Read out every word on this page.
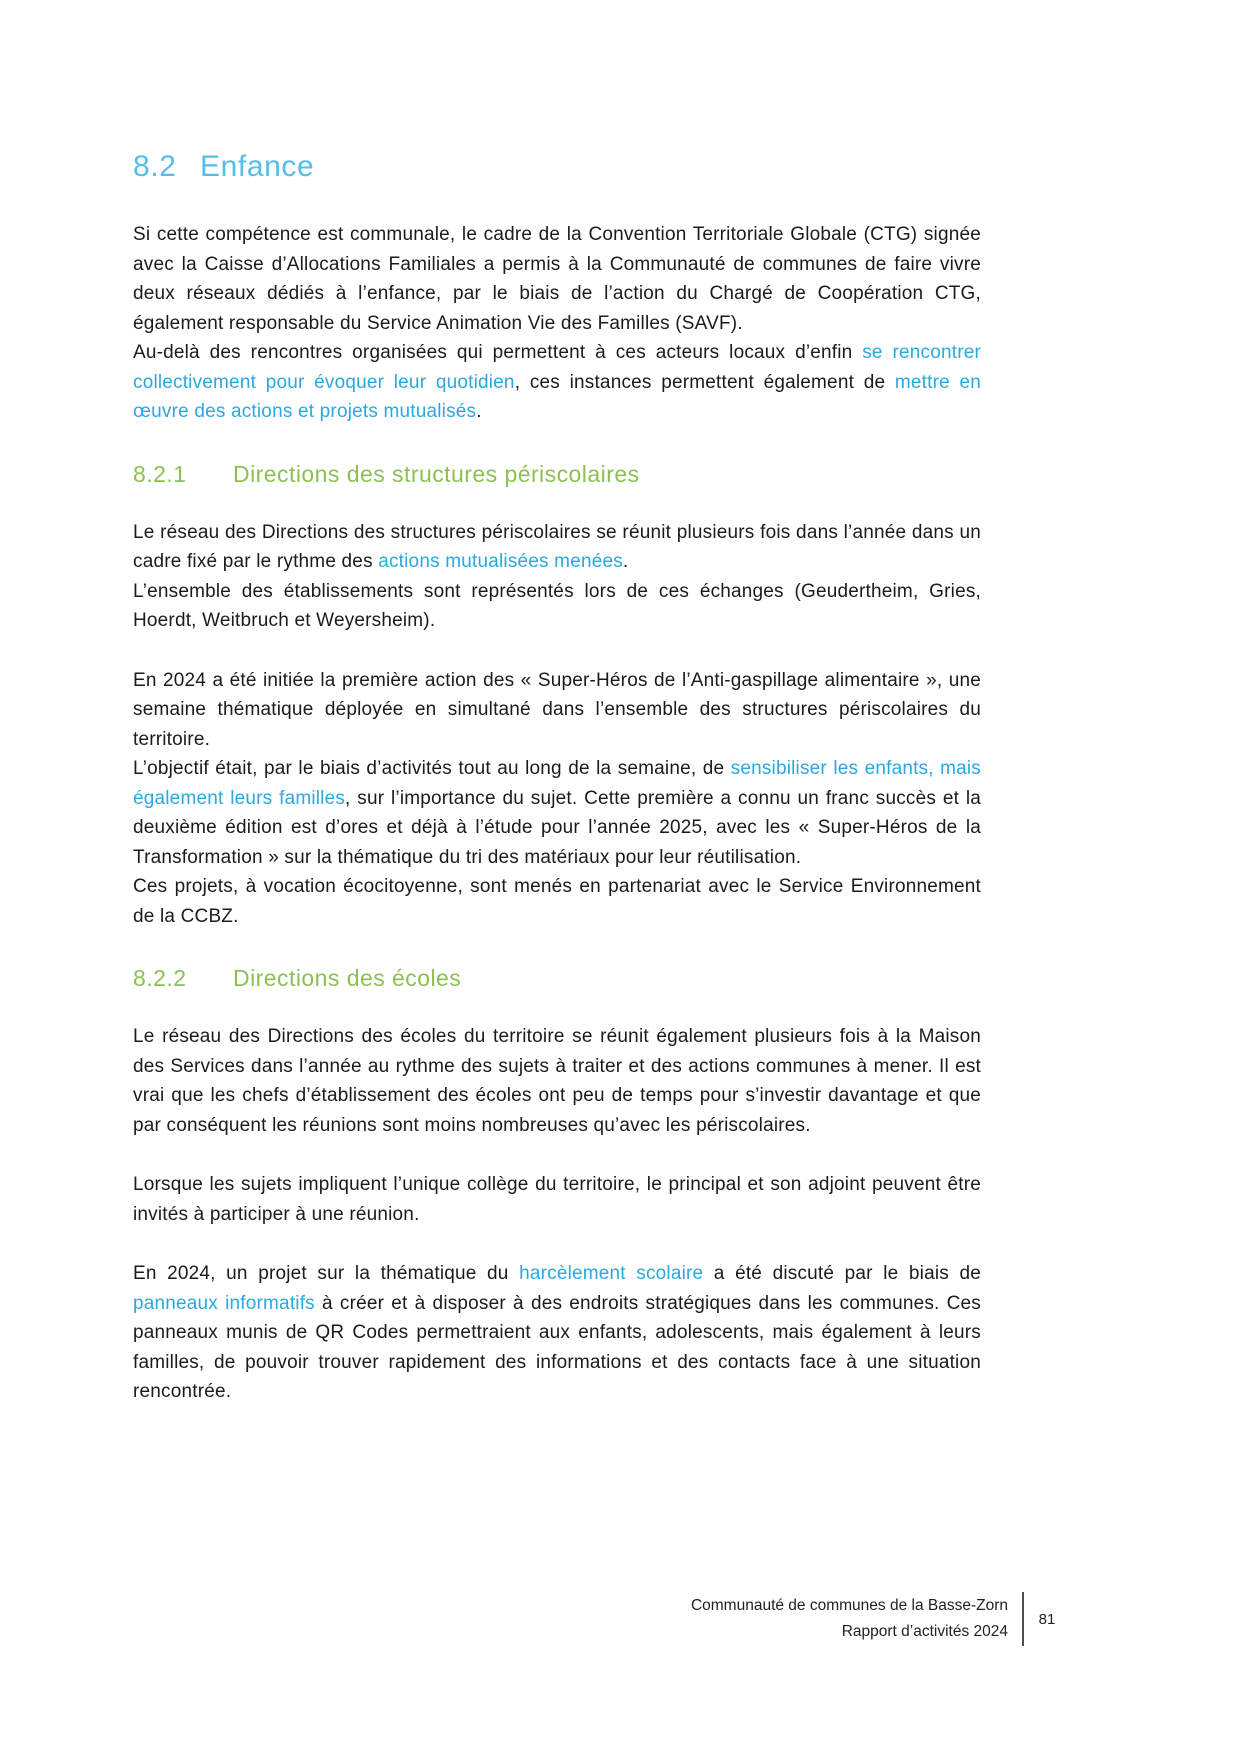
8.2 Enfance

Si cette compétence est communale, le cadre de la Convention Territoriale Globale (CTG) signée avec la Caisse d’Allocations Familiales a permis à la Communauté de communes de faire vivre deux réseaux dédiés à l’enfance, par le biais de l’action du Chargé de Coopération CTG, également responsable du Service Animation Vie des Familles (SAVF).

Au-delà des rencontres organisées qui permettent à ces acteurs locaux d’enfin se rencontrer collectivement pour évoquer leur quotidien, ces instances permettent également de mettre en œuvre des actions et projets mutualisés.

8.2.1 Directions des structures périscolaires

Le réseau des Directions des structures périscolaires se réunit plusieurs fois dans l’année dans un cadre fixé par le rythme des actions mutualisées menées.

L’ensemble des établissements sont représentés lors de ces échanges (Geudertheim, Gries, Hoerdt, Weitbruch et Weyersheim).

En 2024 a été initiée la première action des « Super-Héros de l’Anti-gaspillage alimentaire », une semaine thématique déployée en simultané dans l’ensemble des structures périscolaires du territoire.

L’objectif était, par le biais d’activités tout au long de la semaine, de sensibiliser les enfants, mais également leurs familles, sur l’importance du sujet. Cette première a connu un franc succès et la deuxième édition est d’ores et déjà à l’étude pour l’année 2025, avec les « Super-Héros de la Transformation » sur la thématique du tri des matériaux pour leur réutilisation.

Ces projets, à vocation écocitoyenne, sont menés en partenariat avec le Service Environnement de la CCBZ.

8.2.2 Directions des écoles

Le réseau des Directions des écoles du territoire se réunit également plusieurs fois à la Maison des Services dans l’année au rythme des sujets à traiter et des actions communes à mener. Il est vrai que les chefs d’établissement des écoles ont peu de temps pour s’investir davantage et que par conséquent les réunions sont moins nombreuses qu’avec les périscolaires.

Lorsque les sujets impliquent l’unique collège du territoire, le principal et son adjoint peuvent être invités à participer à une réunion.

En 2024, un projet sur la thématique du harcèlement scolaire a été discuté par le biais de panneaux informatifs à créer et à disposer à des endroits stratégiques dans les communes. Ces panneaux munis de QR Codes permettraient aux enfants, adolescents, mais également à leurs familles, de pouvoir trouver rapidement des informations et des contacts face à une situation rencontrée.

Communauté de communes de la Basse-Zorn
Rapport d’activités 2024
81
